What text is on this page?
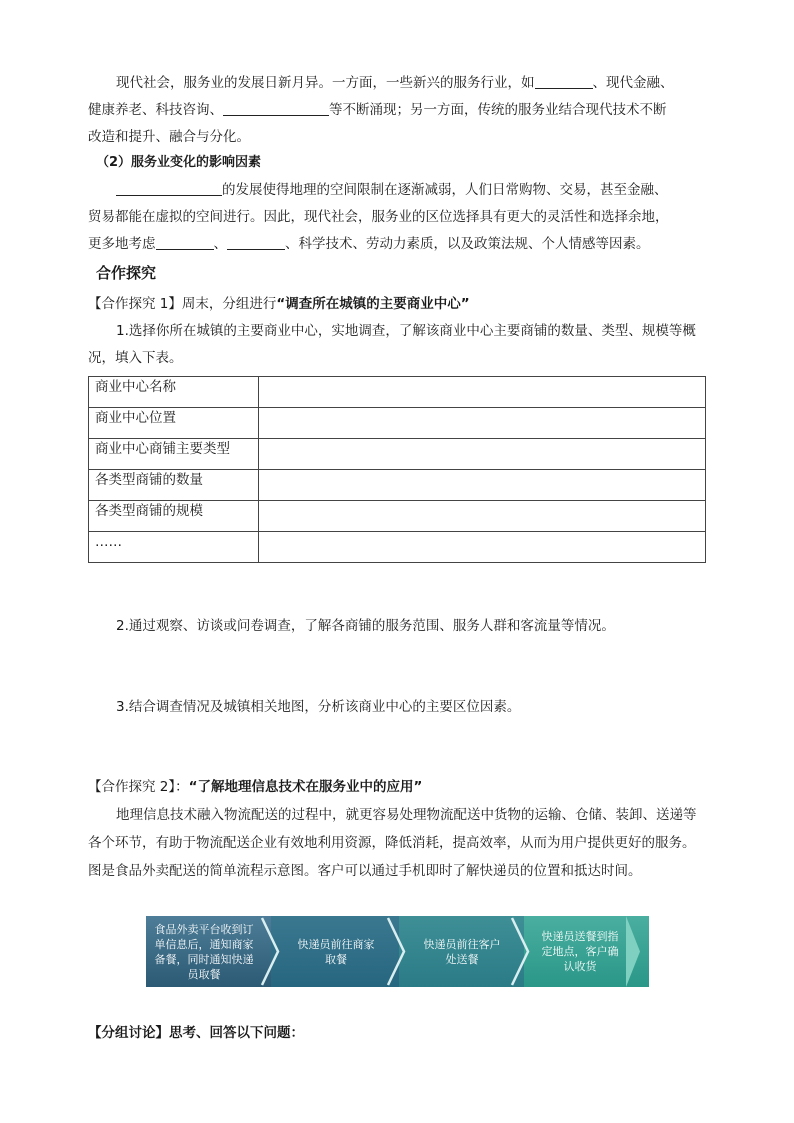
现代社会，服务业的发展日新月异。一方面，一些新兴的服务行业，如	、现代金融、

健康养老、科技咨询、	等不断涌现；另一方面，传统的服务业结合现代技术不断

改造和提升、融合与分化。

（2）服务业变化的影响因素

的发展使得地理的空间限制在逐渐减弱，人们日常购物、交易，甚至金融、

贸易都能在虚拟的空间进行。因此，现代社会，服务业的区位选择具有更大的灵活性和选择余地，

更多地考虑	、	、科学技术、劳动力素质，以及政策法规、个人情感等因素。

合作探究

【合作探究 1】周末，分组进行“调查所在城镇的主要商业中心”

1.选择你所在城镇的主要商业中心，实地调查，了解该商业中心主要商铺的数量、类型、规模等概况，填入下表。

商业中心名称	
商业中心位置	
商业中心商铺主要类型	
各类型商铺的数量	
各类型商铺的规模	
……	

2.通过观察、访谈或问卷调查，了解各商铺的服务范围、服务人群和客流量等情况。

3.结合调查情况及城镇相关地图，分析该商业中心的主要区位因素。

【合作探究 2】：“了解地理信息技术在服务业中的应用”

地理信息技术融入物流配送的过程中，就更容易处理物流配送中货物的运输、仓储、装卸、送递等各个环节，有助于物流配送企业有效地利用资源，降低消耗，提高效率，从而为用户提供更好的服务。图是食品外卖配送的简单流程示意图。客户可以通过手机即时了解快递员的位置和抵达时间。

食品外卖平台收到订单信息后，通知商家备餐，同时通知快递员取餐
快递员前往商家取餐
快递员前往客户处送餐
快递员送餐到指定地点，客户确认收货

【分组讨论】思考、回答以下问题：
